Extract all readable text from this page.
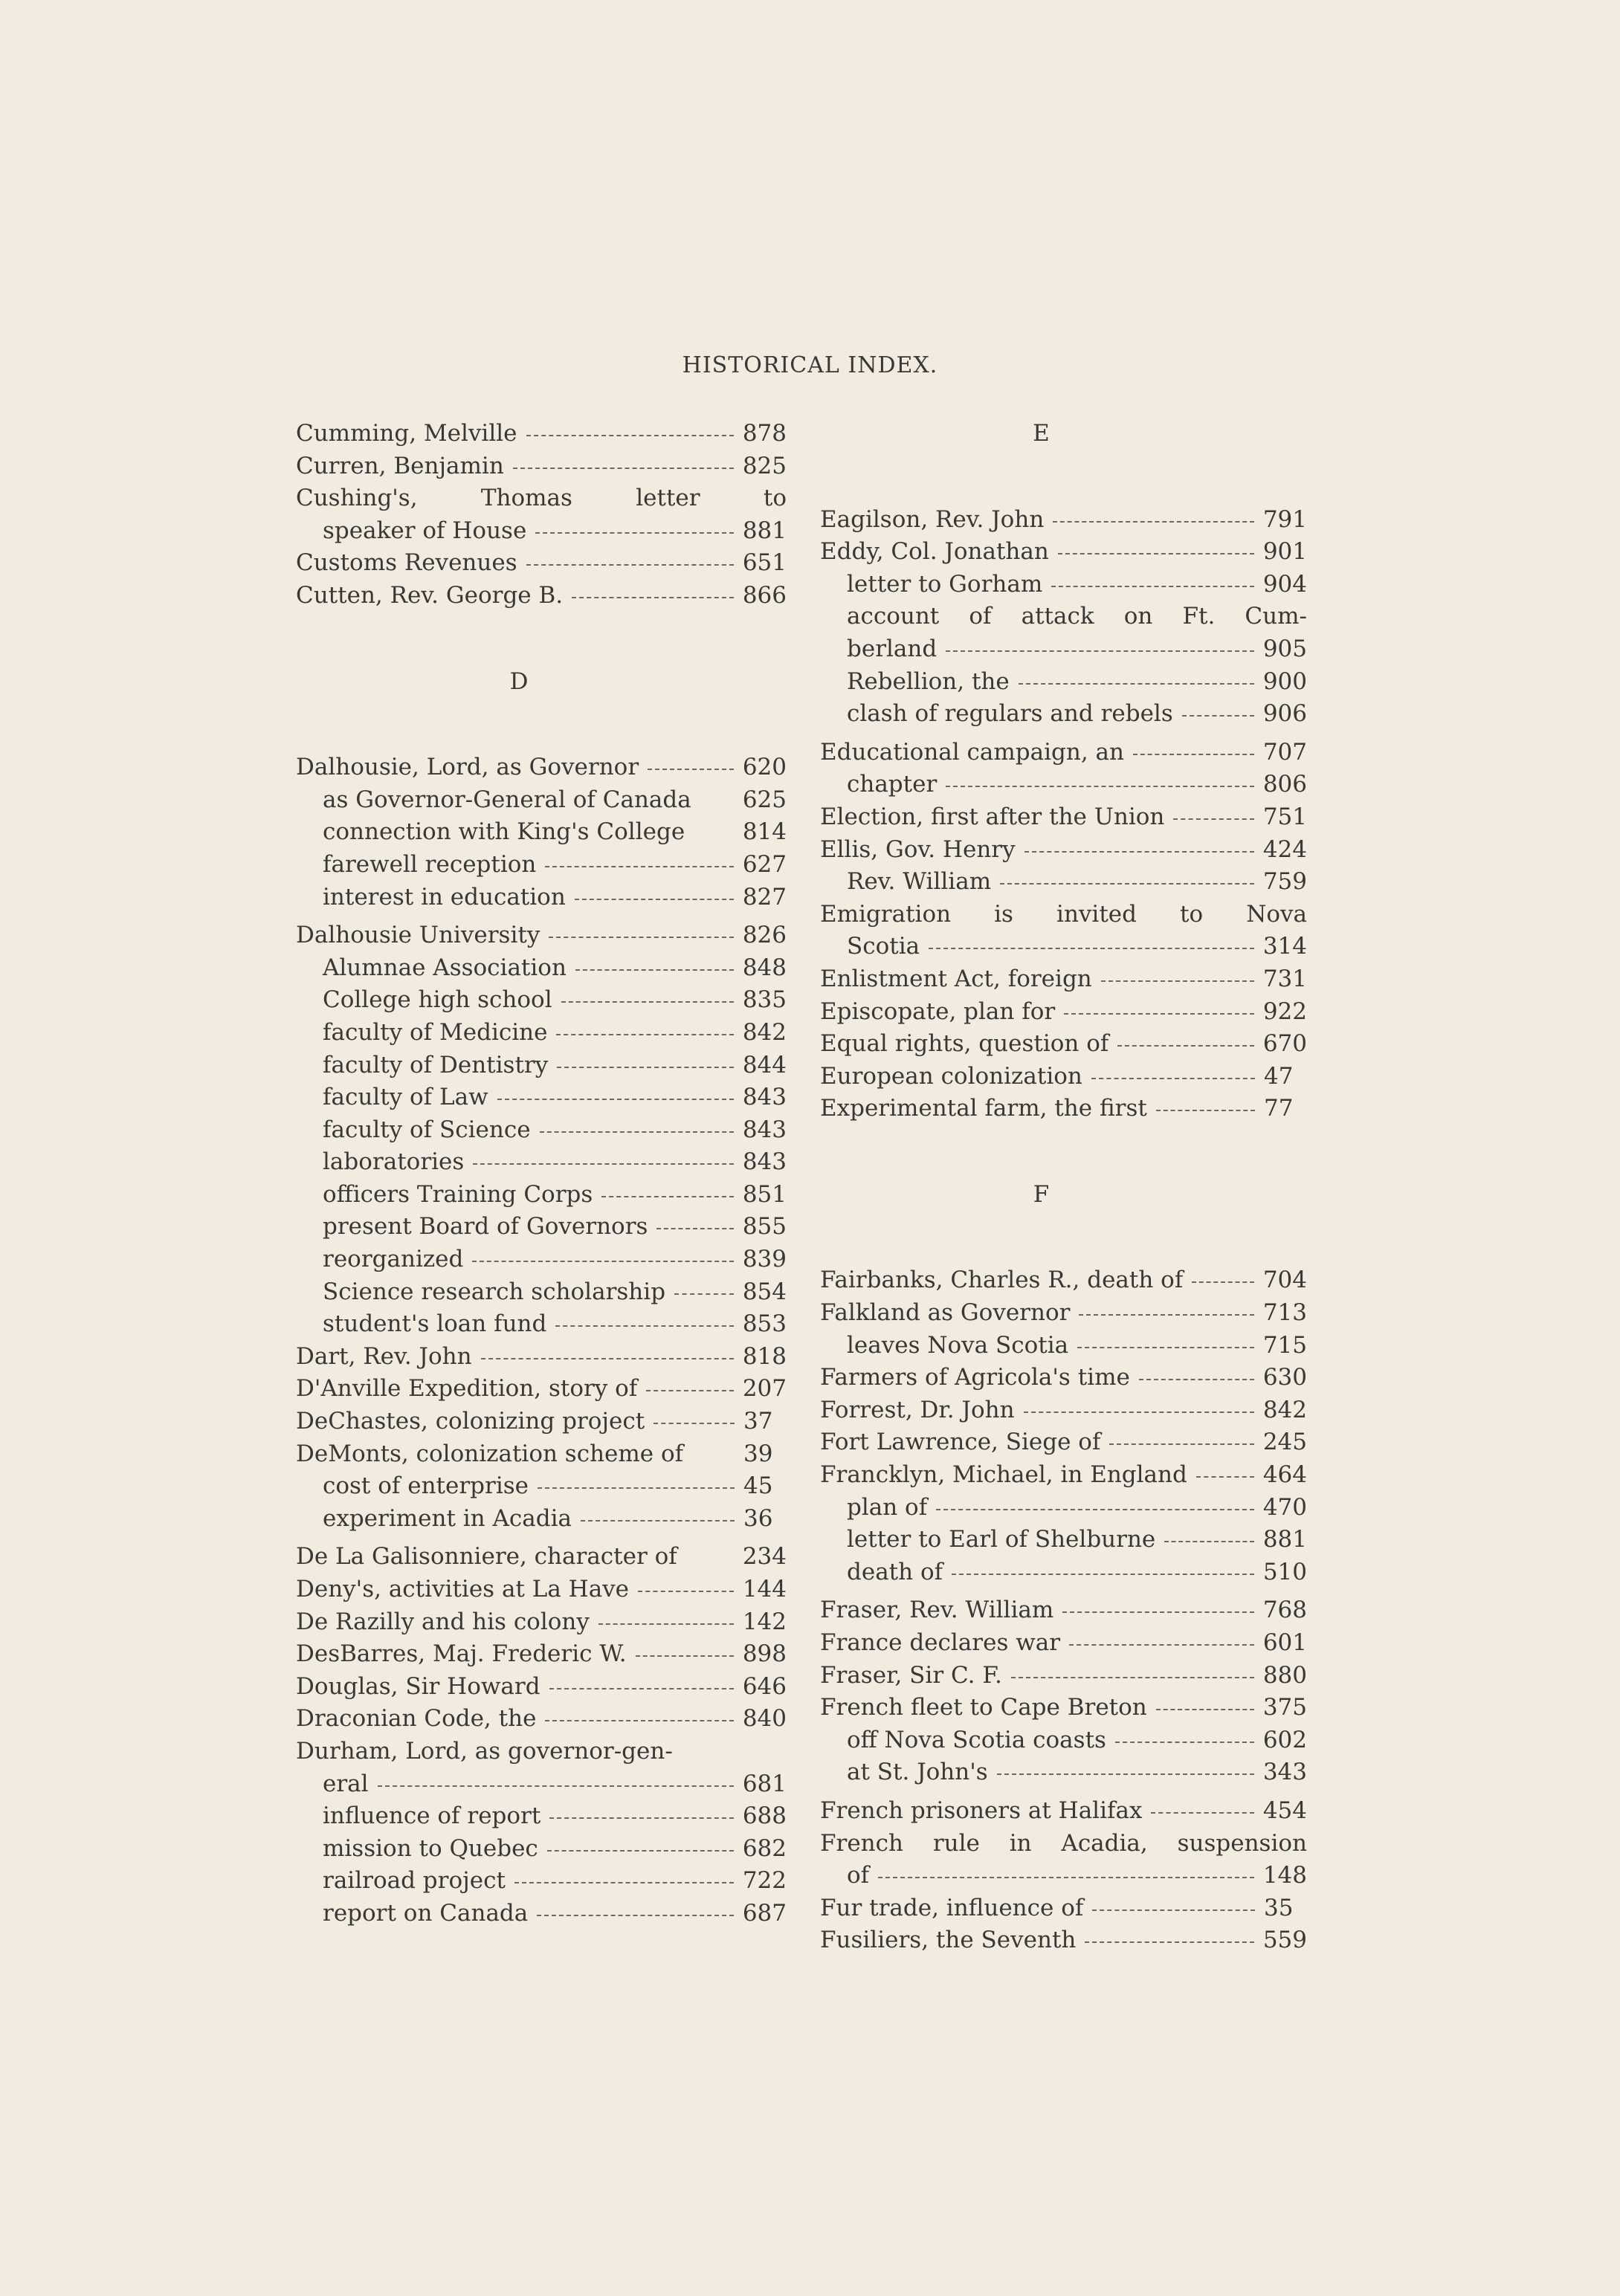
HISTORICAL INDEX.
Cumming, Melville	878
Curren, Benjamin	825
Cushing's, Thomas letter to
speaker of House	881
Customs Revenues	651
Cutten, Rev. George B.	866
D
Dalhousie, Lord, as Governor	620
as Governor-General of Canada	625
connection with King's College	814
farewell reception	627
interest in education	827
Dalhousie University	826
Alumnae Association	848
College high school	835
faculty of Medicine	842
faculty of Dentistry	844
faculty of Law	843
faculty of Science	843
laboratories	843
officers Training Corps	851
present Board of Governors	855
reorganized	839
Science research scholarship	854
student's loan fund	853
Dart, Rev. John	818
D'Anville Expedition, story of	207
DeChastes, colonizing project	37
DeMonts, colonization scheme of	39
cost of enterprise	45
experiment in Acadia	36
De La Galisonniere, character of	234
Deny's, activities at La Have	144
De Razilly and his colony	142
DesBarres, Maj. Frederic W.	898
Douglas, Sir Howard	646
Draconian Code, the	840
Durham, Lord, as governor-gen-
eral	681
influence of report	688
mission to Quebec	682
railroad project	722
report on Canada	687
E
Eagilson, Rev. John	791
Eddy, Col. Jonathan	901
letter to Gorham	904
account of attack on Ft. Cum-
berland	905
Rebellion, the	900
clash of regulars and rebels	906
Educational campaign, an	707
chapter	806
Election, first after the Union	751
Ellis, Gov. Henry	424
Rev. William	759
Emigration is invited to Nova
Scotia	314
Enlistment Act, foreign	731
Episcopate, plan for	922
Equal rights, question of	670
European colonization	47
Experimental farm, the first	77
F
Fairbanks, Charles R., death of	704
Falkland as Governor	713
leaves Nova Scotia	715
Farmers of Agricola's time	630
Forrest, Dr. John	842
Fort Lawrence, Siege of	245
Francklyn, Michael, in England	464
plan of	470
letter to Earl of Shelburne	881
death of	510
Fraser, Rev. William	768
France declares war	601
Fraser, Sir C. F.	880
French fleet to Cape Breton	375
off Nova Scotia coasts	602
at St. John's	343
French prisoners at Halifax	454
French rule in Acadia, suspension
of	148
Fur trade, influence of	35
Fusiliers, the Seventh	559
